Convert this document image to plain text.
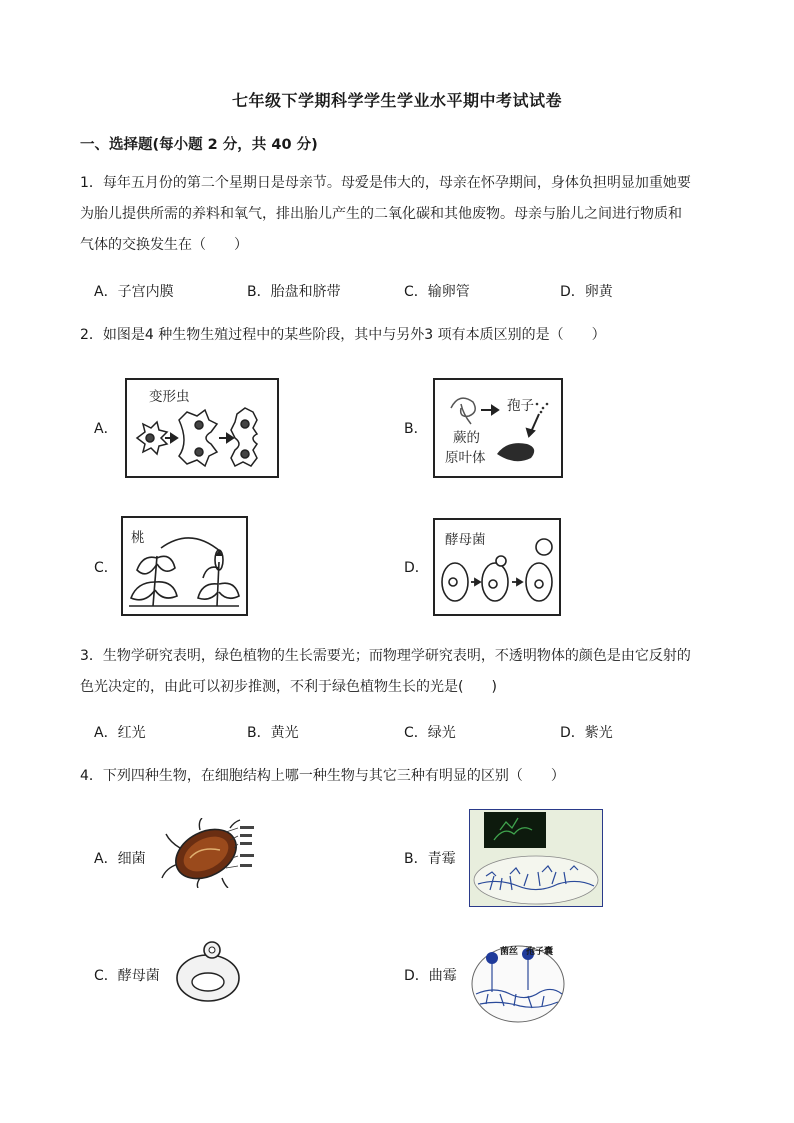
七年级下学期科学学生学业水平期中考试试卷
一、选择题(每小题 2 分，共 40 分)
1．每年五月份的第二个星期日是母亲节。母爱是伟大的，母亲在怀孕期间，身体负担明显加重她要
为胎儿提供所需的养料和氧气，排出胎儿产生的二氧化碳和其他废物。母亲与胎儿之间进行物质和
气体的交换发生在（　　）
A．子宫内膜	B．胎盘和脐带	C．输卵管	D．卵黄
2．如图是4 种生物生殖过程中的某些阶段，其中与另外3 项有本质区别的是（　　）
A．
变形虫
B．
孢子
蕨的
原叶体
C．
桃
D．
酵母菌
3．生物学研究表明，绿色植物的生长需要光；而物理学研究表明，不透明物体的颜色是由它反射的
色光决定的，由此可以初步推测，不利于绿色植物生长的光是(　　)
A．红光	B．黄光	C．绿光	D．紫光
4．下列四种生物，在细胞结构上哪一种生物与其它三种有明显的区别（　　）
A．细菌	B．青霉
C．酵母菌	D．曲霉
菌丝 孢子囊
